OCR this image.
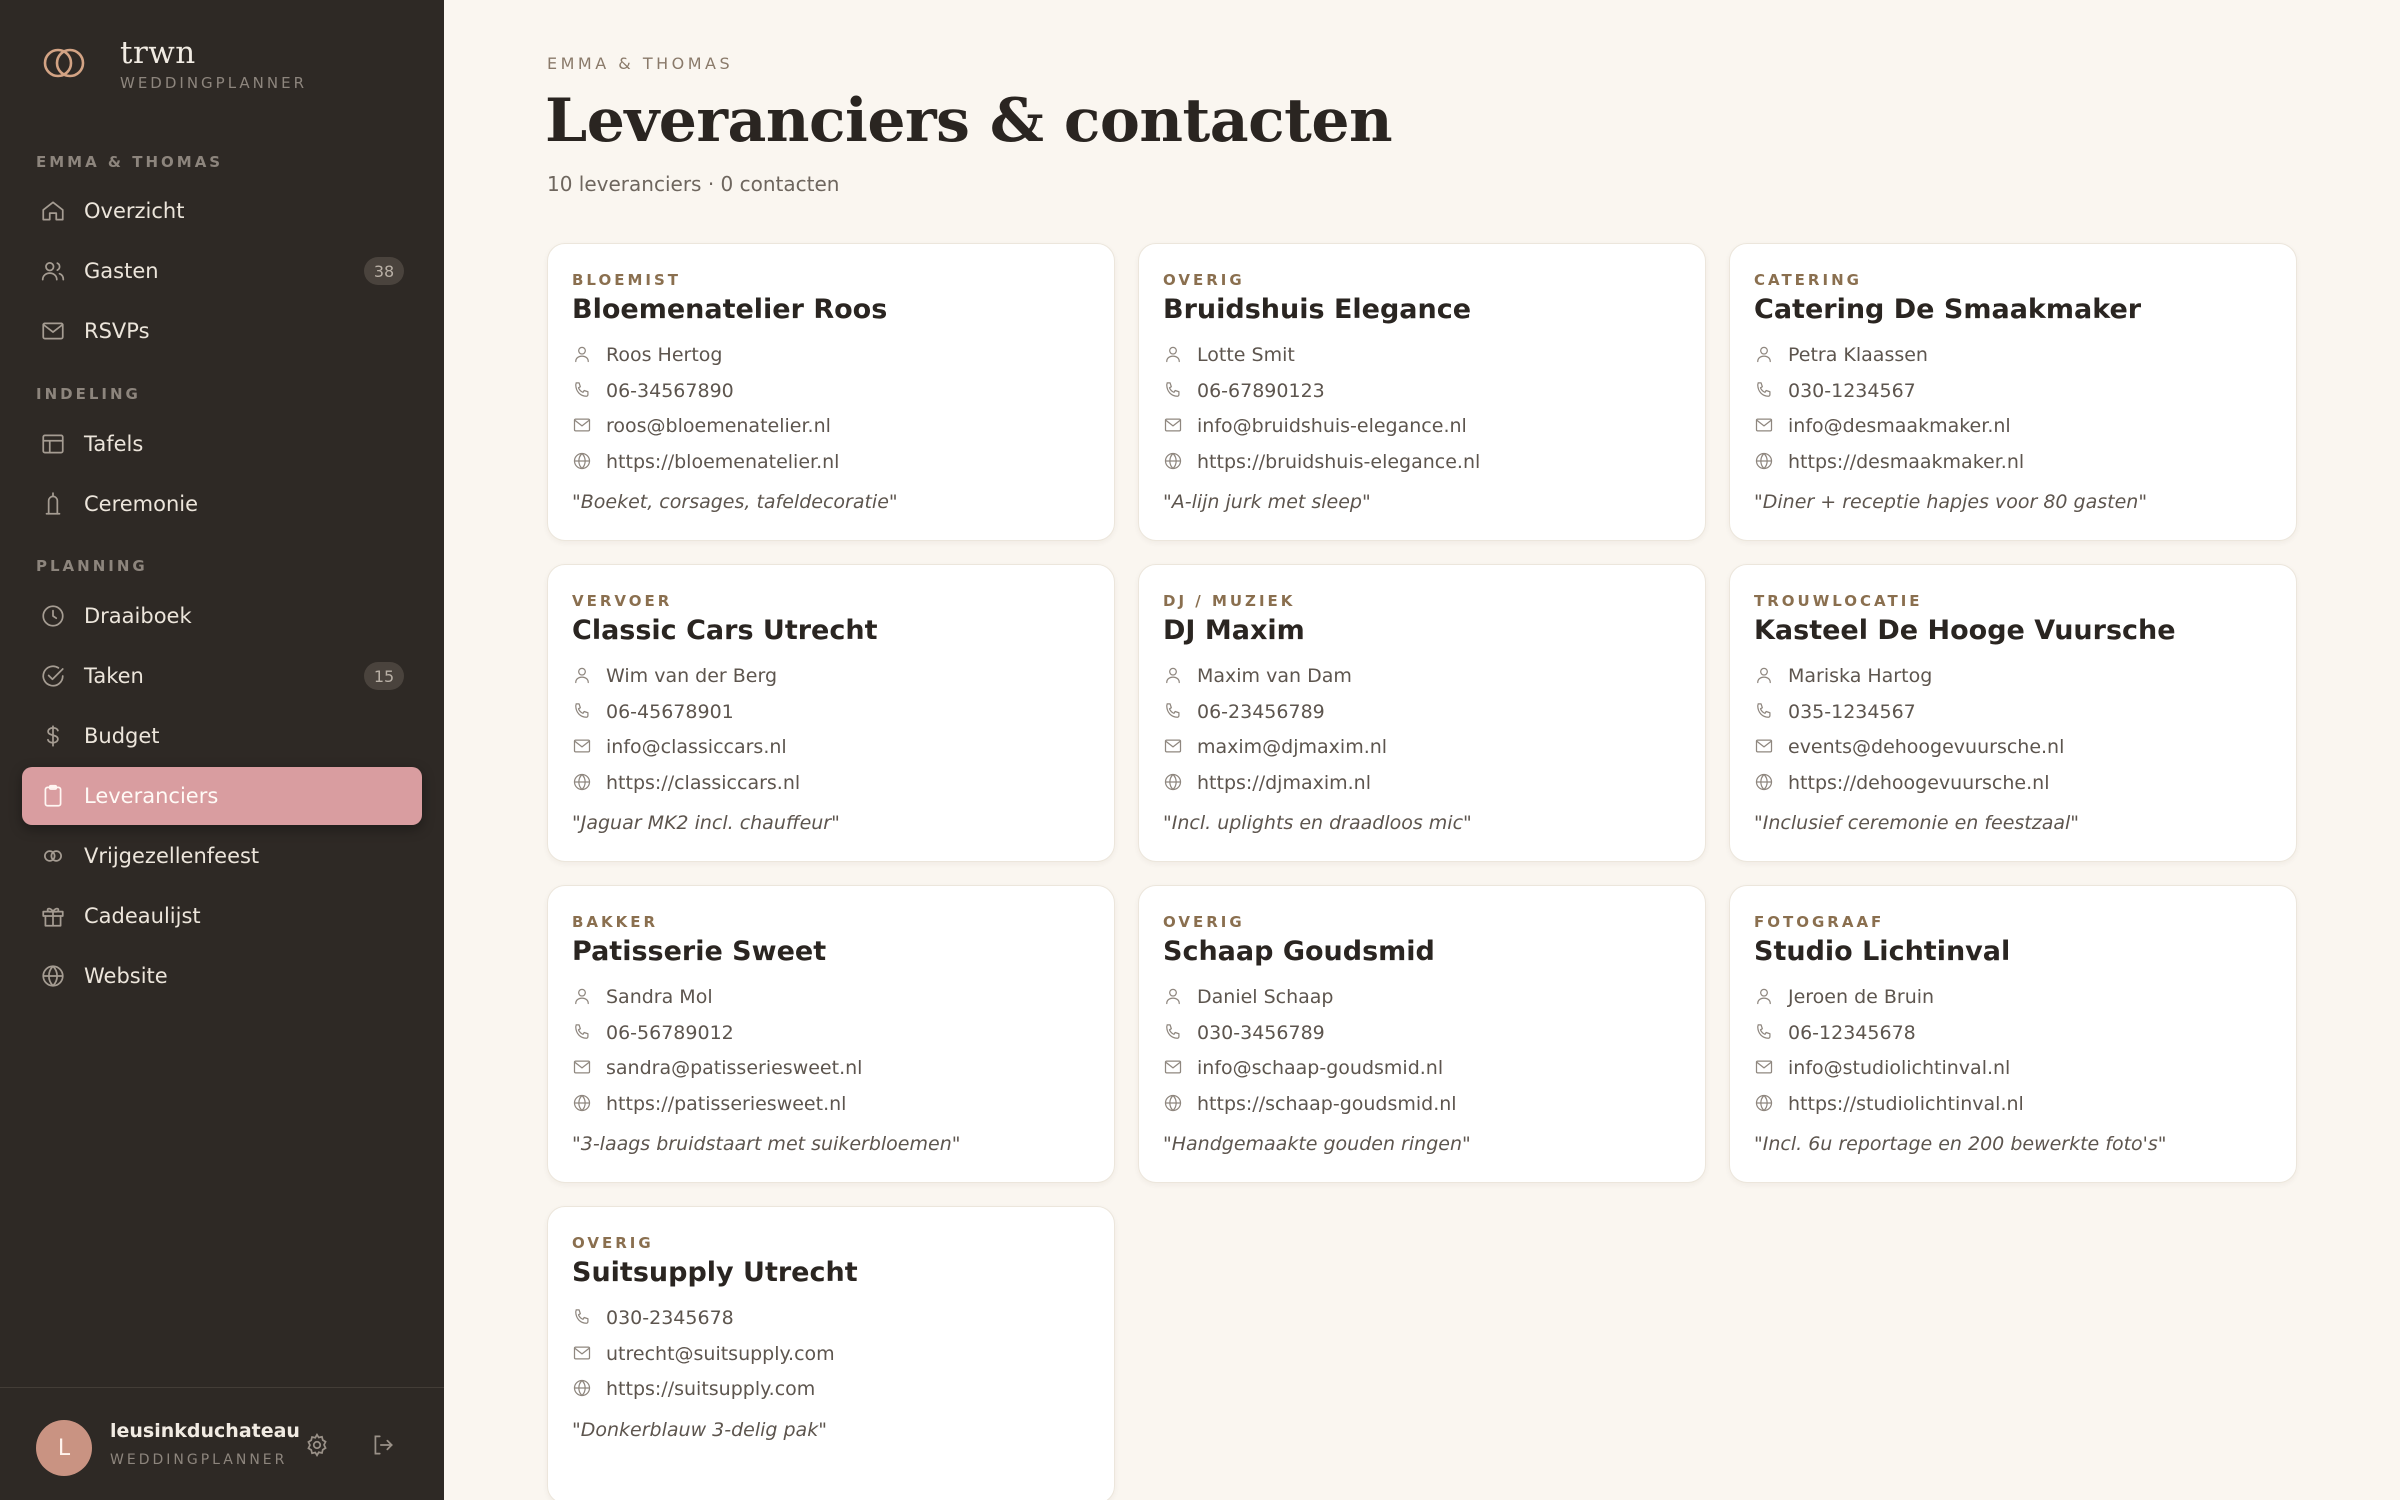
trwn
WEDDINGPLANNER
EMMA & THOMAS
INDELING
PLANNING
Overzicht
Gasten	38
RSVPs
Tafels
Ceremonie
Draaiboek
Taken	15
Budget
Leveranciers
Vrijgezellenfeest
Cadeaulijst
Website
L
leusinkduchateau
WEDDINGPLANNER
EMMA & THOMAS
Leveranciers & contacten
10 leveranciers · 0 contacten
BLOEMIST
Bloemenatelier Roos
Roos Hertog
06-34567890
roos@bloemenatelier.nl
https://bloemenatelier.nl
"Boeket, corsages, tafeldecoratie"
OVERIG
Bruidshuis Elegance
Lotte Smit
06-67890123
info@bruidshuis-elegance.nl
https://bruidshuis-elegance.nl
"A-lijn jurk met sleep"
CATERING
Catering De Smaakmaker
Petra Klaassen
030-1234567
info@desmaakmaker.nl
https://desmaakmaker.nl
"Diner + receptie hapjes voor 80 gasten"
VERVOER
Classic Cars Utrecht
Wim van der Berg
06-45678901
info@classiccars.nl
https://classiccars.nl
"Jaguar MK2 incl. chauffeur"
DJ / MUZIEK
DJ Maxim
Maxim van Dam
06-23456789
maxim@djmaxim.nl
https://djmaxim.nl
"Incl. uplights en draadloos mic"
TROUWLOCATIE
Kasteel De Hooge Vuursche
Mariska Hartog
035-1234567
events@dehoogevuursche.nl
https://dehoogevuursche.nl
"Inclusief ceremonie en feestzaal"
BAKKER
Patisserie Sweet
Sandra Mol
06-56789012
sandra@patisseriesweet.nl
https://patisseriesweet.nl
"3-laags bruidstaart met suikerbloemen"
OVERIG
Schaap Goudsmid
Daniel Schaap
030-3456789
info@schaap-goudsmid.nl
https://schaap-goudsmid.nl
"Handgemaakte gouden ringen"
FOTOGRAAF
Studio Lichtinval
Jeroen de Bruin
06-12345678
info@studiolichtinval.nl
https://studiolichtinval.nl
"Incl. 6u reportage en 200 bewerkte foto's"
OVERIG
Suitsupply Utrecht
030-2345678
utrecht@suitsupply.com
https://suitsupply.com
"Donkerblauw 3-delig pak"
